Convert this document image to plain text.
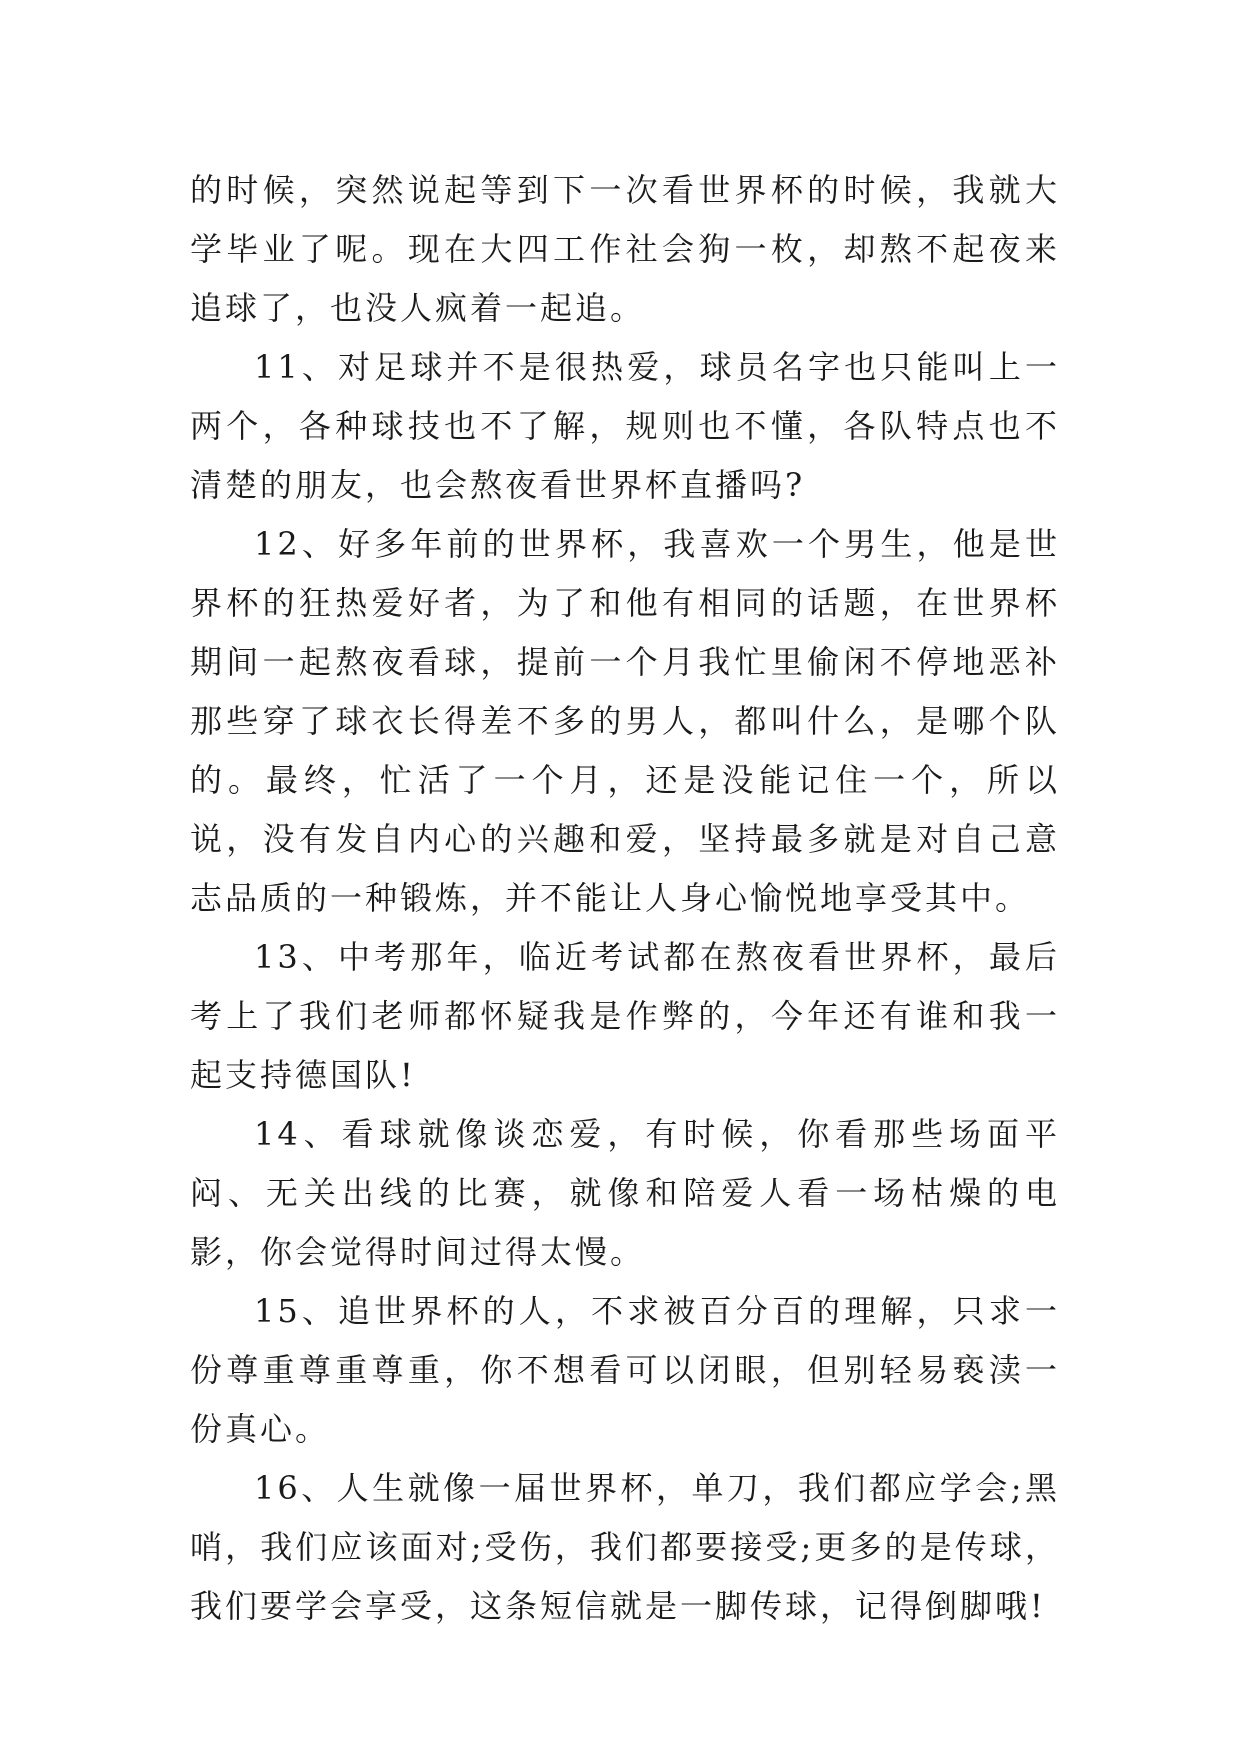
的时候，突然说起等到下一次看世界杯的时候，我就大学毕业了呢。现在大四工作社会狗一枚，却熬不起夜来追球了，也没人疯着一起追。

11、对足球并不是很热爱，球员名字也只能叫上一两个，各种球技也不了解，规则也不懂，各队特点也不清楚的朋友，也会熬夜看世界杯直播吗?

12、好多年前的世界杯，我喜欢一个男生，他是世界杯的狂热爱好者，为了和他有相同的话题，在世界杯期间一起熬夜看球，提前一个月我忙里偷闲不停地恶补那些穿了球衣长得差不多的男人，都叫什么，是哪个队的。最终，忙活了一个月，还是没能记住一个，所以说，没有发自内心的兴趣和爱，坚持最多就是对自己意志品质的一种锻炼，并不能让人身心愉悦地享受其中。

13、中考那年，临近考试都在熬夜看世界杯，最后考上了我们老师都怀疑我是作弊的，今年还有谁和我一起支持德国队!

14、看球就像谈恋爱，有时候，你看那些场面平闷、无关出线的比赛，就像和陪爱人看一场枯燥的电影，你会觉得时间过得太慢。

15、追世界杯的人，不求被百分百的理解，只求一份尊重尊重尊重，你不想看可以闭眼，但别轻易亵渎一份真心。

16、人生就像一届世界杯，单刀，我们都应学会;黑哨，我们应该面对;受伤，我们都要接受;更多的是传球，我们要学会享受，这条短信就是一脚传球，记得倒脚哦!
